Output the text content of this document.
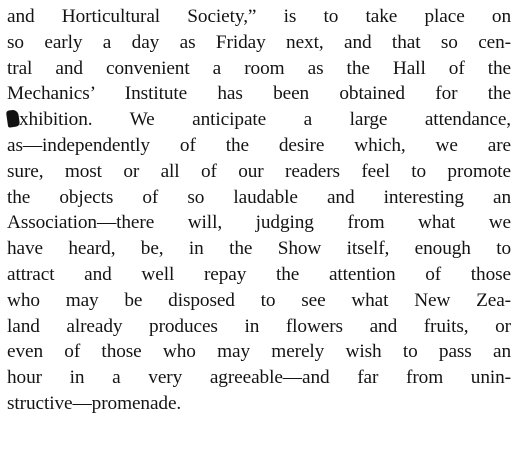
and Horticultural Society,” is to take place on
so early a day as Friday next, and that so cen-
tral and convenient a room as the Hall of the
Mechanics’ Institute has been obtained for the
xhibition. We anticipate a large attendance,
as—independently of the desire which, we are
sure, most or all of our readers feel to promote
the objects of so laudable and interesting an
Association—there will, judging from what we
have heard, be, in the Show itself, enough to
attract and well repay the attention of those
who may be disposed to see what New Zea-
land already produces in flowers and fruits, or
even of those who may merely wish to pass an
hour in a very agreeable—and far from unin-
structive—promenade.
